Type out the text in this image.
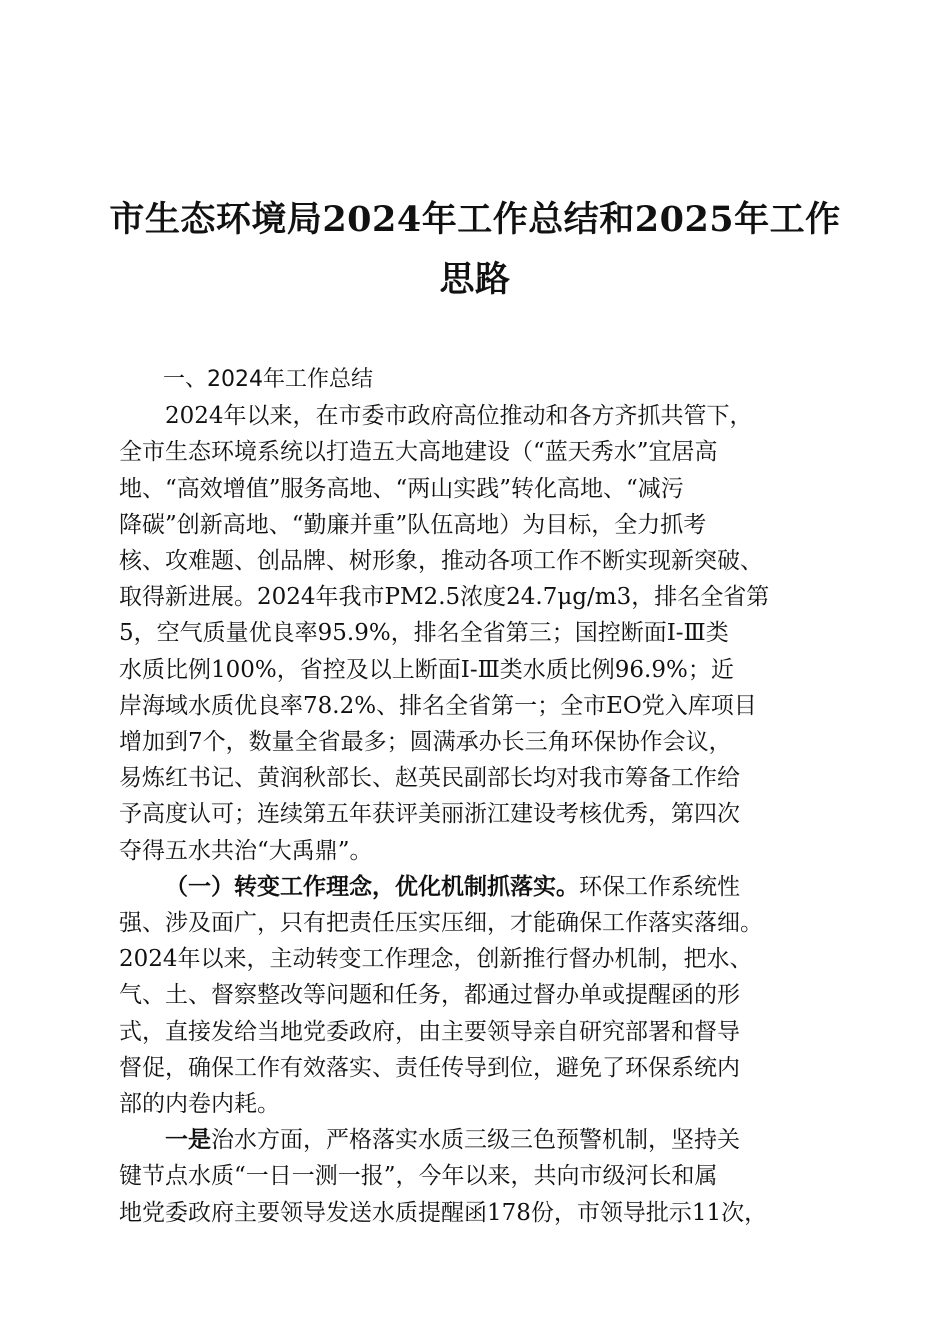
市生态环境局2024年工作总结和2025年工作
思路

一、2024年工作总结

2024年以来，在市委市政府高位推动和各方齐抓共管下，
全市生态环境系统以打造五大高地建设（“蓝天秀水”宜居高
地、“高效增值”服务高地、“两山实践”转化高地、“减污
降碳”创新高地、“勤廉并重”队伍高地）为目标，全力抓考
核、攻难题、创品牌、树形象，推动各项工作不断实现新突破、
取得新进展。2024年我市PM2.5浓度24.7μg/m3，排名全省第
5，空气质量优良率95.9%，排名全省第三；国控断面Ⅰ-Ⅲ类
水质比例100%，省控及以上断面Ⅰ-Ⅲ类水质比例96.9%；近
岸海域水质优良率78.2%、排名全省第一；全市EO党入库项目
增加到7个，数量全省最多；圆满承办长三角环保协作会议，
易炼红书记、黄润秋部长、赵英民副部长均对我市筹备工作给
予高度认可；连续第五年获评美丽浙江建设考核优秀，第四次
夺得五水共治“大禹鼎”。
（一）转变工作理念，优化机制抓落实。环保工作系统性
强、涉及面广，只有把责任压实压细，才能确保工作落实落细。
2024年以来，主动转变工作理念，创新推行督办机制，把水、
气、土、督察整改等问题和任务，都通过督办单或提醒函的形
式，直接发给当地党委政府，由主要领导亲自研究部署和督导
督促，确保工作有效落实、责任传导到位，避免了环保系统内
部的内卷内耗。
一是治水方面，严格落实水质三级三色预警机制，坚持关
键节点水质“一日一测一报”，今年以来，共向市级河长和属
地党委政府主要领导发送水质提醒函178份，市领导批示11次，
